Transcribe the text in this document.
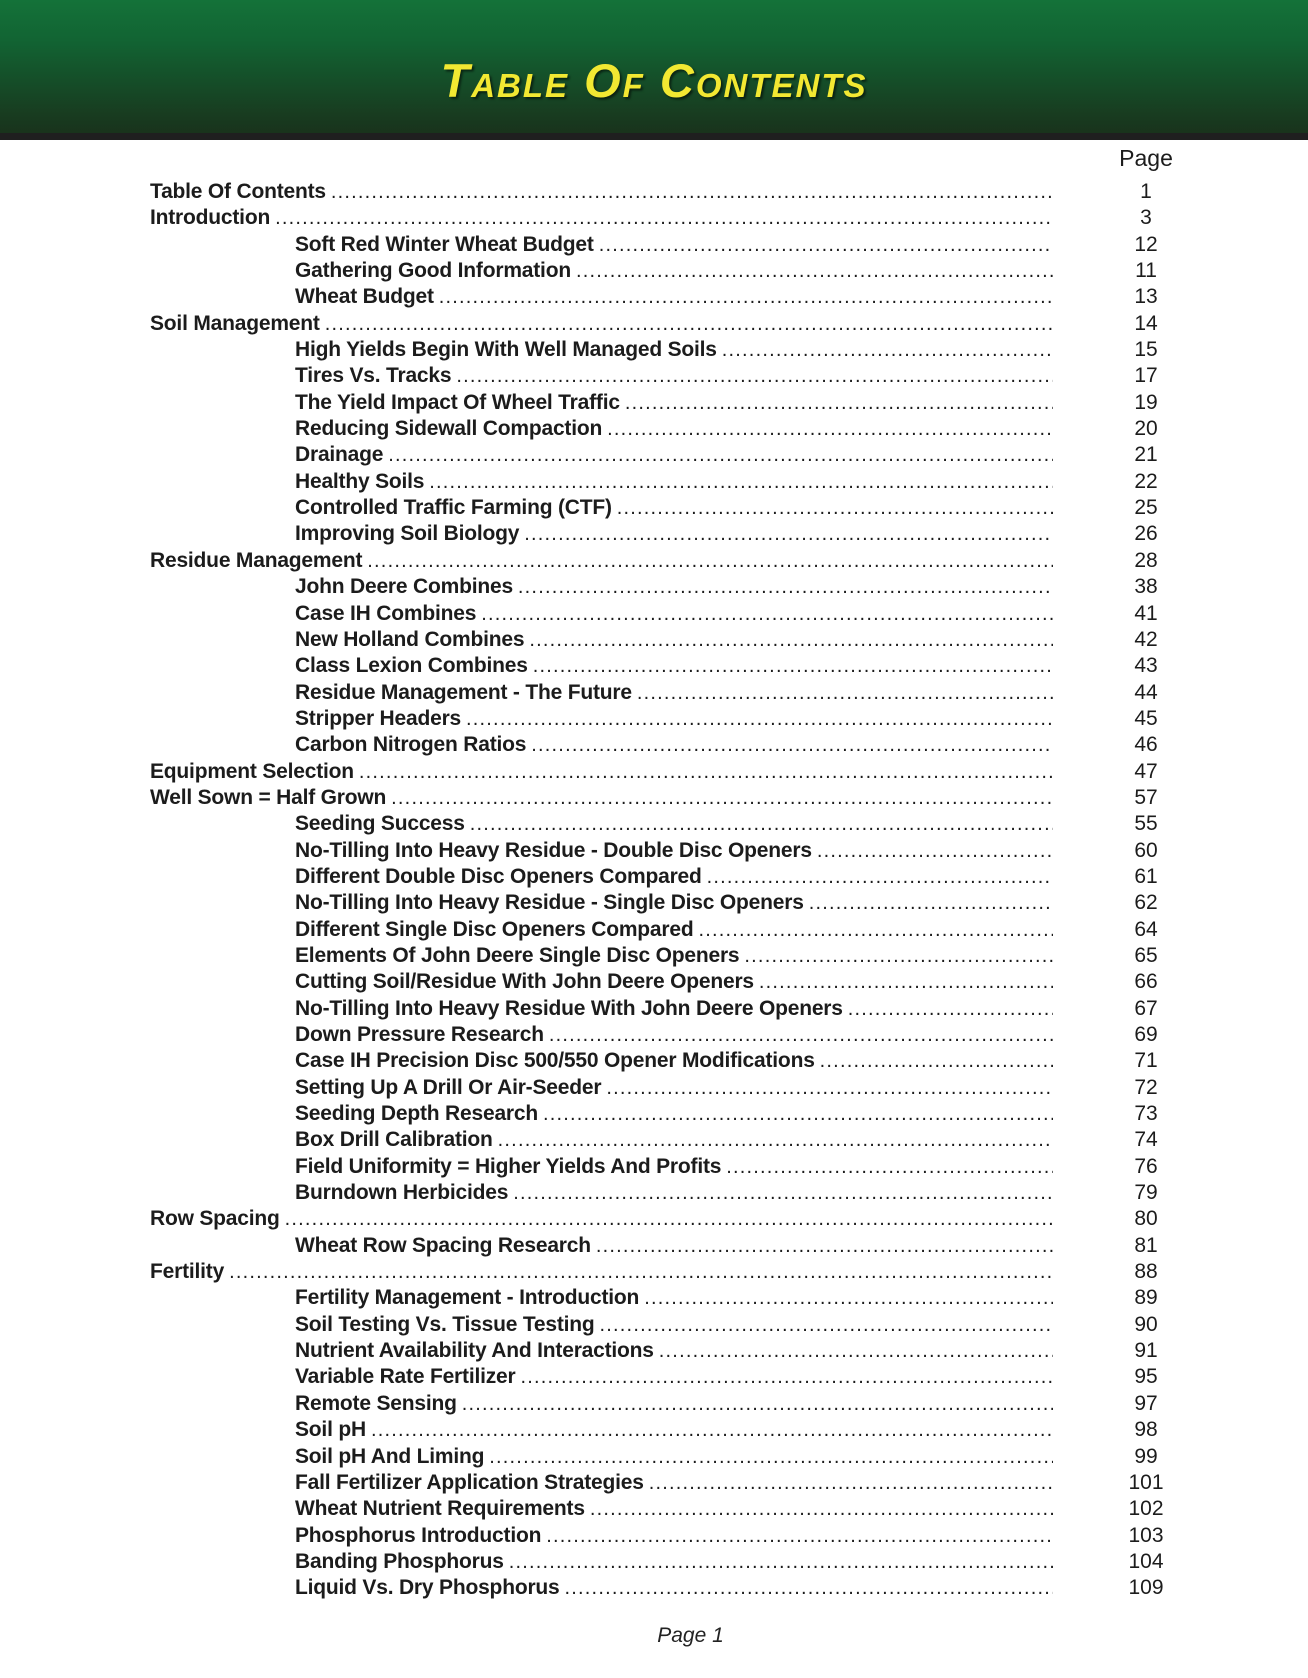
Table Of Contents
Page
Table Of Contents .....	1
Introduction .....	3
Soft Red Winter Wheat Budget .....	12
Gathering Good Information .....	11
Wheat Budget .....	13
Soil Management .....	14
High Yields Begin With Well Managed Soils .....	15
Tires Vs. Tracks .....	17
The Yield Impact Of Wheel Traffic .....	19
Reducing Sidewall Compaction .....	20
Drainage .....	21
Healthy Soils .....	22
Controlled Traffic Farming (CTF) .....	25
Improving Soil Biology .....	26
Residue Management .....	28
John Deere Combines .....	38
Case IH Combines .....	41
New Holland Combines .....	42
Class Lexion Combines .....	43
Residue Management - The Future .....	44
Stripper Headers .....	45
Carbon Nitrogen Ratios .....	46
Equipment Selection .....	47
Well Sown = Half Grown .....	57
Seeding Success .....	55
No-Tilling Into Heavy Residue - Double Disc Openers .....	60
Different Double Disc Openers Compared .....	61
No-Tilling Into Heavy Residue - Single Disc Openers .....	62
Different Single Disc Openers Compared .....	64
Elements Of John Deere Single Disc Openers .....	65
Cutting Soil/Residue With John Deere Openers .....	66
No-Tilling Into Heavy Residue With John Deere Openers .....	67
Down Pressure Research .....	69
Case IH Precision Disc 500/550 Opener Modifications .....	71
Setting Up A Drill Or Air-Seeder .....	72
Seeding Depth Research .....	73
Box Drill Calibration .....	74
Field Uniformity = Higher Yields And Profits .....	76
Burndown Herbicides .....	79
Row Spacing .....	80
Wheat Row Spacing Research .....	81
Fertility .....	88
Fertility Management - Introduction .....	89
Soil Testing Vs. Tissue Testing .....	90
Nutrient Availability And Interactions .....	91
Variable Rate Fertilizer .....	95
Remote Sensing .....	97
Soil pH .....	98
Soil pH And Liming .....	99
Fall Fertilizer Application Strategies .....	101
Wheat Nutrient Requirements .....	102
Phosphorus Introduction .....	103
Banding Phosphorus .....	104
Liquid Vs. Dry Phosphorus .....	109
Page 1
